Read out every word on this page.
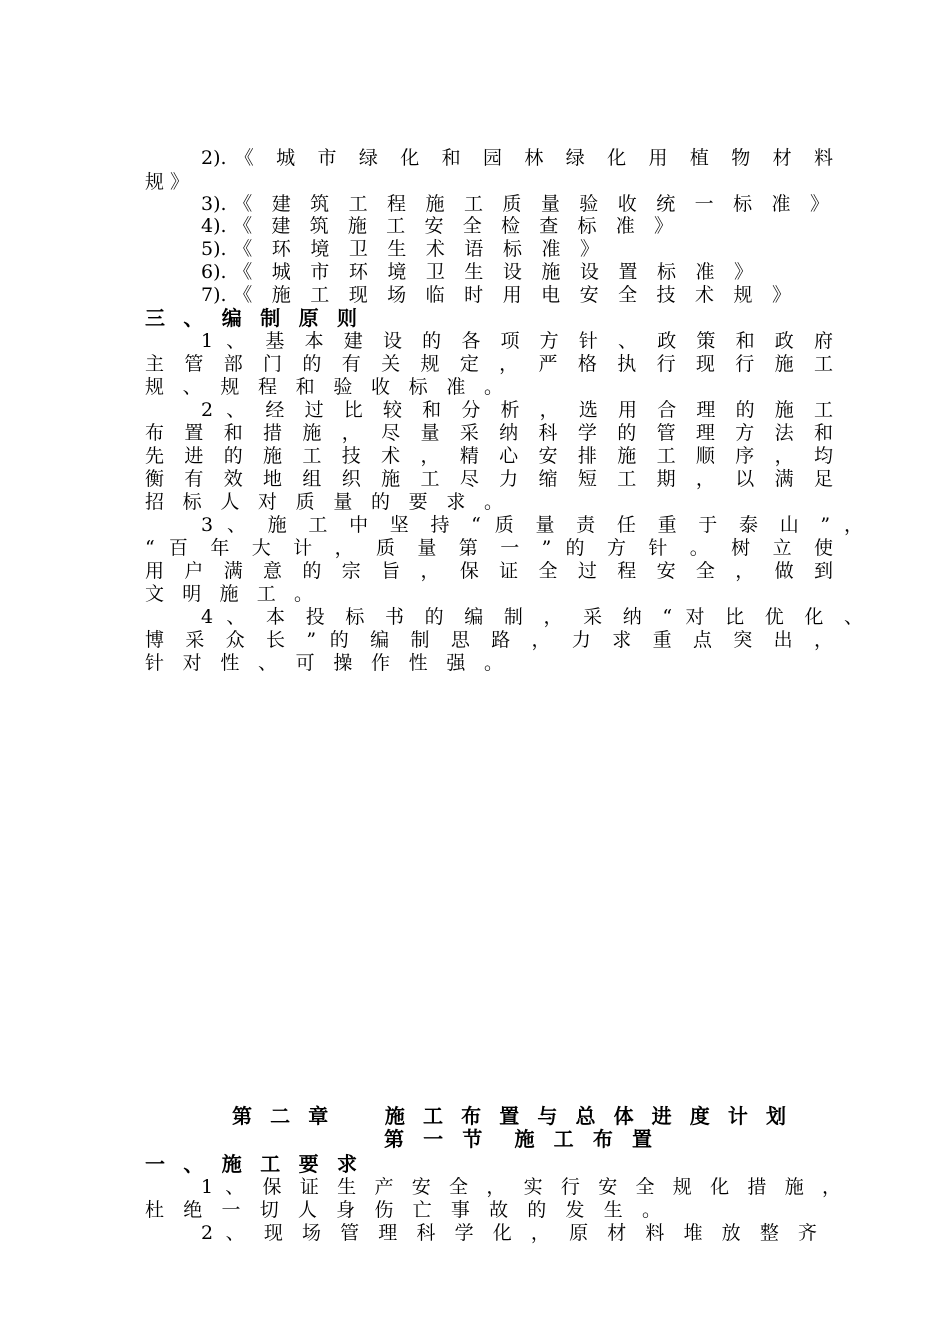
2).《 城 市 绿 化 和 园 林 绿 化 用 植 物 材 料
规 》
3).《 建 筑 工 程 施 工 质 量 验 收 统 一 标 准 》
4).《 建 筑 施 工 安 全 检 查 标 准 》
5).《 环 境 卫 生 术 语 标 准 》
6).《 城 市 环 境 卫 生 设 施 设 置 标 准 》
7).《 施 工 现 场 临 时 用 电 安 全 技 术 规 》
三 、 编 制 原 则
1 、 基 本 建 设 的 各 项 方 针 、 政 策 和 政 府
主 管 部 门 的 有 关 规 定 ， 严 格 执 行 现 行 施 工
规 、 规 程 和 验 收 标 准 。
2 、 经 过 比 较 和 分 析 ， 选 用 合 理 的 施 工
布 置 和 措 施 ， 尽 量 采 纳 科 学 的 管 理 方 法 和
先 进 的 施 工 技 术 ， 精 心 安 排 施 工 顺 序 ， 均
衡 有 效 地 组 织 施 工 尽 力 缩 短 工 期 ， 以 满 足
招 标 人 对 质 量 的 要 求 。
3 、 施 工 中 坚 持 “ 质 量 责 任 重 于 泰 山 ” ，
“ 百 年 大 计 ， 质 量 第 一 ” 的 方 针 。 树 立 使
用 户 满 意 的 宗 旨 ， 保 证 全 过 程 安 全 ， 做 到
文 明 施 工 。
4 、 本 投 标 书 的 编 制 ， 采 纳 “ 对 比 优 化 、
博 采 众 长 ” 的 编 制 思 路 ， 力 求 重 点 突 出 ，
针 对 性 、 可 操 作 性 强 。
第 二 章　　施 工 布 置 与 总 体 进 度 计 划
第 一 节　施 工 布 置
一 、 施 工 要 求
1 、 保 证 生 产 安 全 ， 实 行 安 全 规 化 措 施 ，
杜 绝 一 切 人 身 伤 亡 事 故 的 发 生 。
2 、 现 场 管 理 科 学 化 ， 原 材 料 堆 放 整 齐
